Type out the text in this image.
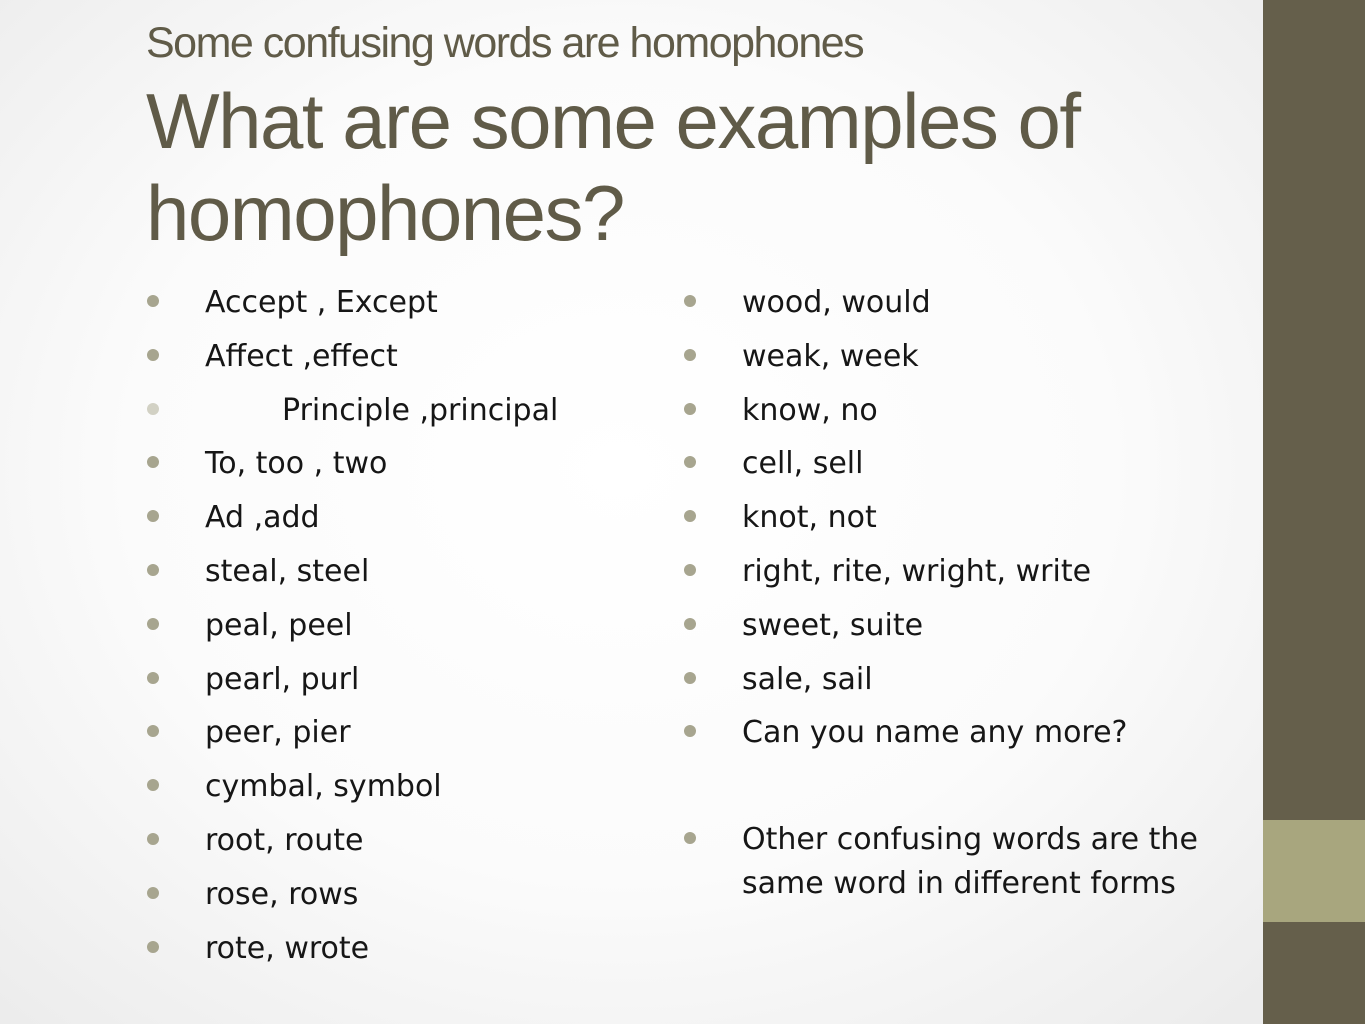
Some confusing words are homophones
What are some examples of homophones?
Accept , Except
Affect ,effect
Principle ,principal
To, too , two
Ad ,add
steal, steel
peal, peel
pearl, purl
peer, pier
cymbal, symbol
root, route
rose, rows
rote, wrote
wood, would
weak, week
know, no
cell, sell
knot, not
right, rite, wright, write
sweet, suite
sale, sail
Can you name any more?
Other confusing words are the same word in different forms
